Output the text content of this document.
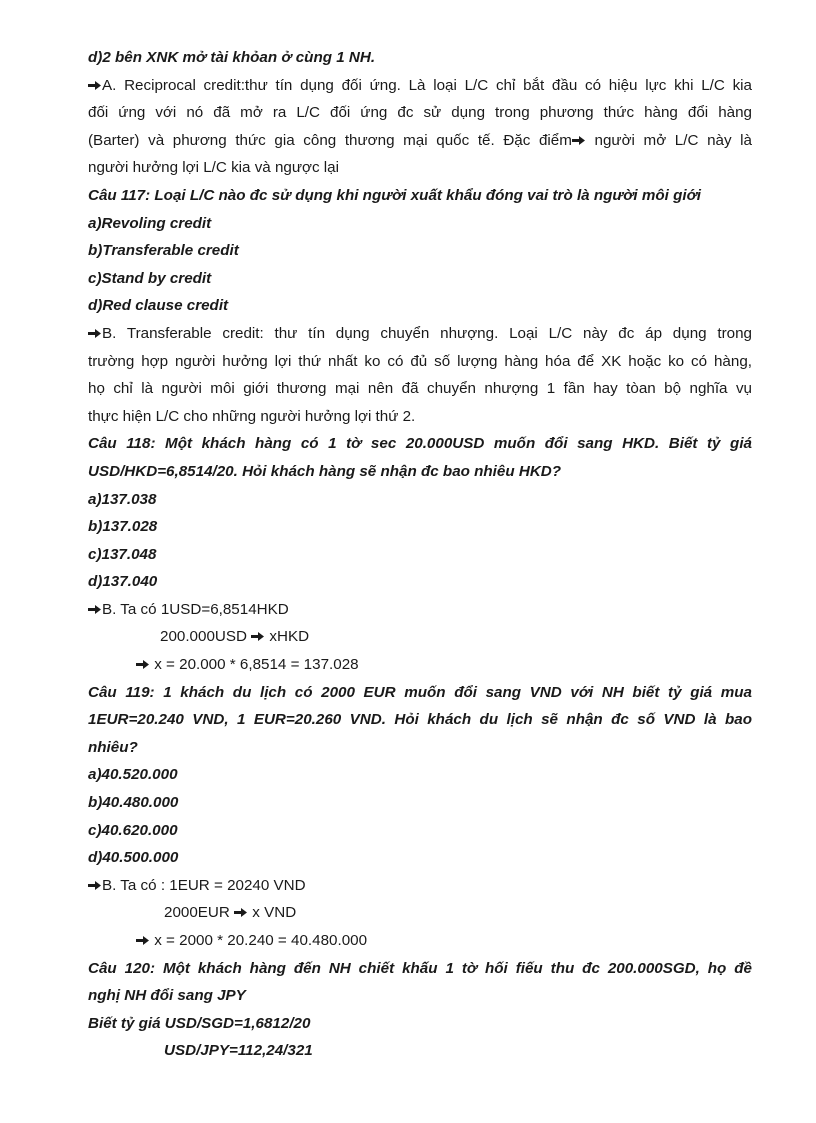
d)2 bên XNK mở tài khỏan ở cùng 1 NH.
A. Reciprocal credit:thư tín dụng đối ứng. Là loại L/C chỉ bắt đầu có hiệu lực khi L/C kia
đối ứng với nó đã mở ra L/C đối ứng đc sử dụng trong phương thức hàng đổi hàng
(Barter) và phương thức gia công thương mại quốc tế. Đặc điểm người mở L/C này là
người hưởng lợi L/C kia và ngược lại
Câu 117: Loại L/C nào đc sử dụng khi người xuất khẩu đóng vai trò là người môi giới
a)Revoling credit
b)Transferable credit
c)Stand by credit
d)Red clause credit
B. Transferable credit: thư tín dụng chuyển nhượng. Loại L/C này đc áp dụng trong
trường hợp người hưởng lợi thứ nhất ko có đủ số lượng hàng hóa để XK hoặc ko có hàng,
họ chỉ là người môi giới thương mại nên đã chuyển nhượng 1 fần hay tòan bộ nghĩa vụ
thực hiện L/C cho những người hưởng lợi thứ 2.
Câu 118: Một khách hàng có 1 tờ sec 20.000USD muốn đổi sang HKD. Biết tỷ giá
USD/HKD=6,8514/20. Hỏi khách hàng sẽ nhận đc bao nhiêu HKD?
a)137.038
b)137.028
c)137.048
d)137.040
B. Ta có 1USD=6,8514HKD
200.000USD  xHKD
x = 20.000 * 6,8514 = 137.028
Câu 119: 1 khách du lịch có 2000 EUR muốn đổi sang VND với NH biết tỷ giá mua
1EUR=20.240 VND, 1 EUR=20.260 VND. Hỏi khách du lịch sẽ nhận đc số VND là bao
nhiêu?
a)40.520.000
b)40.480.000
c)40.620.000
d)40.500.000
B. Ta có : 1EUR = 20240 VND
2000EUR  x VND
x = 2000 * 20.240 = 40.480.000
Câu 120: Một khách hàng đến NH chiết khấu 1 tờ hối fiếu thu đc 200.000SGD, họ đề
nghị NH đổi sang JPY
Biết tỷ giá USD/SGD=1,6812/20
USD/JPY=112,24/321
